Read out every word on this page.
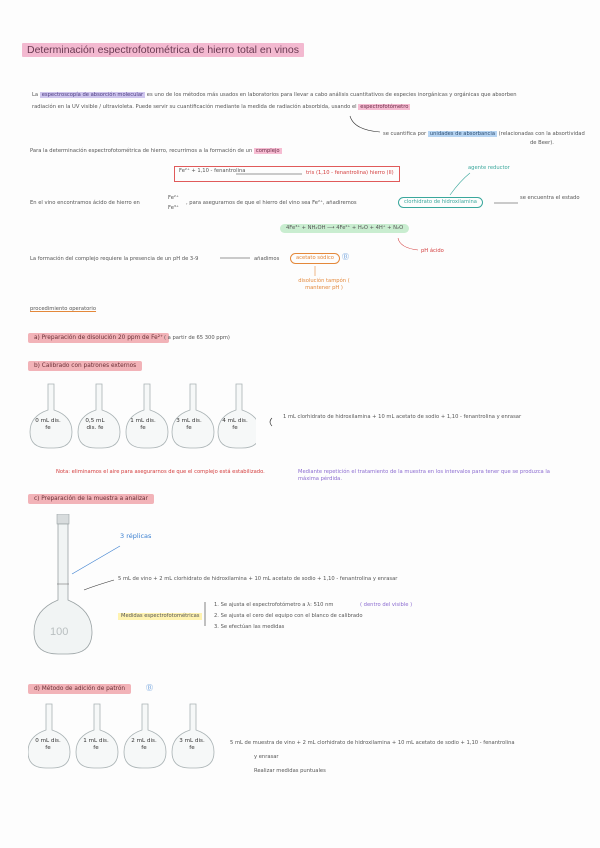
Determinación espectrofotométrica de hierro total en vinos
La espectroscopía de absorción molecular es uno de los métodos más usados en laboratorios para llevar a cabo análisis cuantitativos de especies inorgánicas y orgánicas que absorben
radiación en la UV visible / ultravioleta. Puede servir su cuantificación mediante la medida de radiación absorbida, usando el espectrofotómetro
se cuantifica por unidades de absorbancia (relacionadas con la absortividad
de Beer).
Para la determinación espectrofotométrica de hierro, recurrimos a la formación de un complejo
Fe²⁺ + 1,10 - fenantrolina	tris (1,10 - fenantrolina) hierro (II)
En el vino encontramos ácido de hierro en
Fe²⁺
Fe³⁺
, para asegurarnos de que el hierro del vino sea Fe²⁺, añadiremos	clorhidrato de hidroxilamina
se encuentra el estado
agente reductor
4Fe³⁺ + NH₂OH ⟶ 4Fe²⁺ + H₂O + 4H⁺ + N₂O
pH ácido
La formación del complejo requiere la presencia de un pH de 3-9	añadimos	acetato sódico
disolución tampón ( mantener pH )
Ⓑ
procedimiento operatorio
a) Preparación de disolución 20 ppm de Fe²⁺ ( a partir de 65 300 ppm)
b) Calibrado con patrones externos
0 mL dis. fe
0,5 mL dis. fe
1 mL dis. fe
3 mL dis. fe
4 mL dis. fe
1 mL clorhidrato de hidroxilamina + 10 mL acetato de sodio + 1,10 - fenantrolina y enrasar
Nota: eliminamos el aire para asegurarnos de que el complejo está estabilizado.	Mediante repetición el tratamiento de la muestra en los intervalos para tener que se produzca la máxima pérdida.
c) Preparación de la muestra a analizar
100
3 réplicas
5 mL de vino + 2 mL clorhidrato de hidroxilamina + 10 mL acetato de sodio + 1,10 - fenantrolina y enrasar
Medidas espectrofotométricas
1. Se ajusta el espectrofotómetro a λ: 510 nm	( dentro del visible )
2. Se ajusta el cero del equipo con el blanco de calibrado
3. Se efectúan las medidas
d) Método de adición de patrón	Ⓑ
0 mL dis. fe
1 mL dis. fe
2 mL dis. fe
3 mL dis. fe
5 mL de muestra de vino + 2 mL clorhidrato de hidroxilamina + 10 mL acetato de sodio + 1,10 - fenantrolina
y enrasar
Realizar medidas puntuales
